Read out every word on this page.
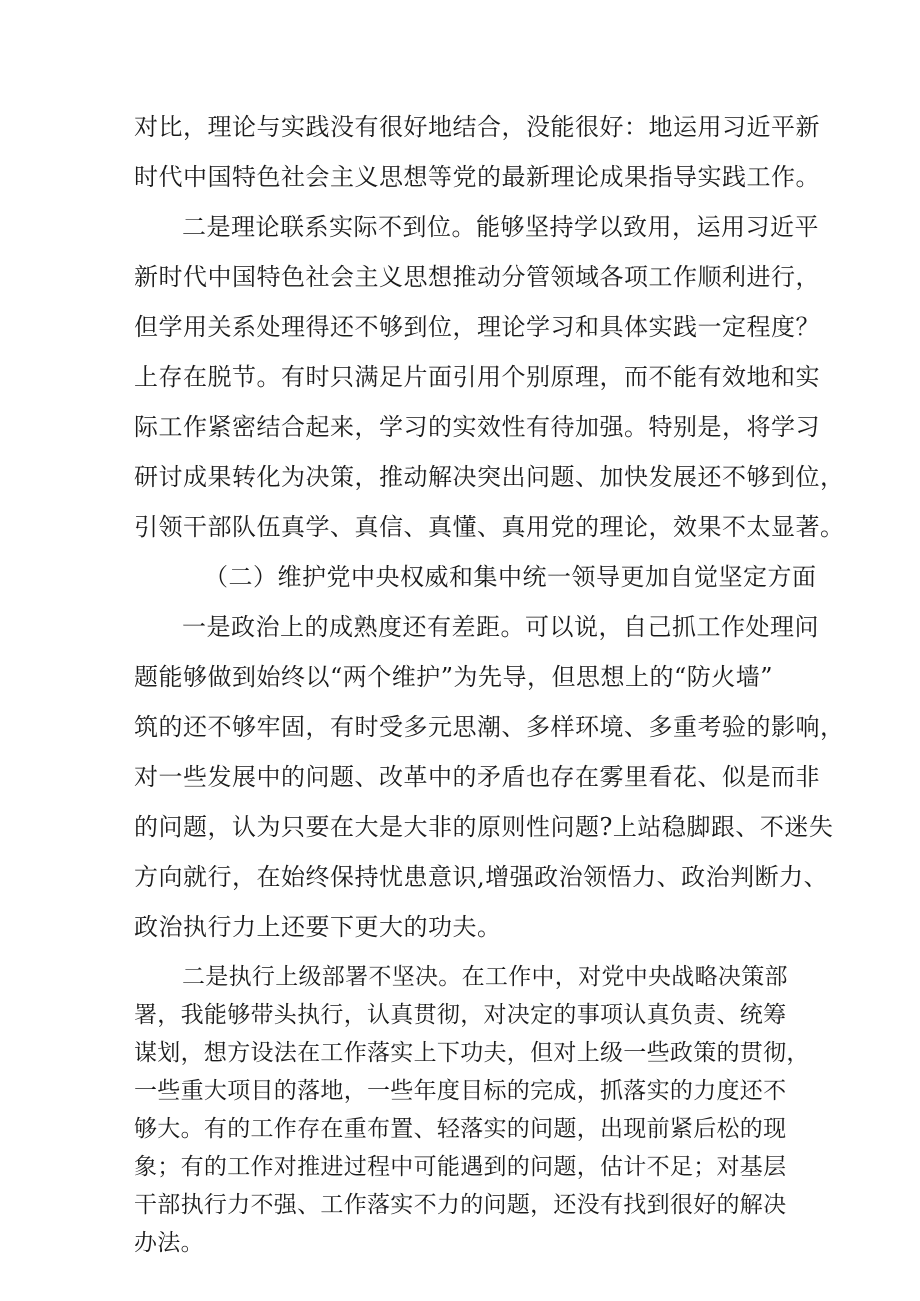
对比，理论与实践没有很好地结合，没能很好：地运用习近平新
时代中国特色社会主义思想等党的最新理论成果指导实践工作。
二是理论联系实际不到位。能够坚持学以致用，运用习近平
新时代中国特色社会主义思想推动分管领域各项工作顺利进行，
但学用关系处理得还不够到位，理论学习和具体实践一定程度？
上存在脱节。有时只满足片面引用个别原理，而不能有效地和实
际工作紧密结合起来，学习的实效性有待加强。特别是，将学习
研讨成果转化为决策，推动解决突出问题、加快发展还不够到位，
引领干部队伍真学、真信、真懂、真用党的理论，效果不太显著。
（二）维护党中央权威和集中统一领导更加自觉坚定方面
一是政治上的成熟度还有差距。可以说，自己抓工作处理问
题能够做到始终以“两个维护”为先导，但思想上的“防火墙”
筑的还不够牢固，有时受多元思潮、多样环境、多重考验的影响，
对一些发展中的问题、改革中的矛盾也存在雾里看花、似是而非
的问题，认为只要在大是大非的原则性问题?上站稳脚跟、不迷失
方向就行，在始终保持忧患意识,增强政治领悟力、政治判断力、
政治执行力上还要下更大的功夫。
二是执行上级部署不坚决。在工作中，对党中央战略决策部
署，我能够带头执行，认真贯彻，对决定的事项认真负责、统筹
谋划，想方设法在工作落实上下功夫，但对上级一些政策的贯彻，
一些重大项目的落地，一些年度目标的完成，抓落实的力度还不
够大。有的工作存在重布置、轻落实的问题，出现前紧后松的现
象；有的工作对推进过程中可能遇到的问题，估计不足；对基层
干部执行力不强、工作落实不力的问题，还没有找到很好的解决
办法。
